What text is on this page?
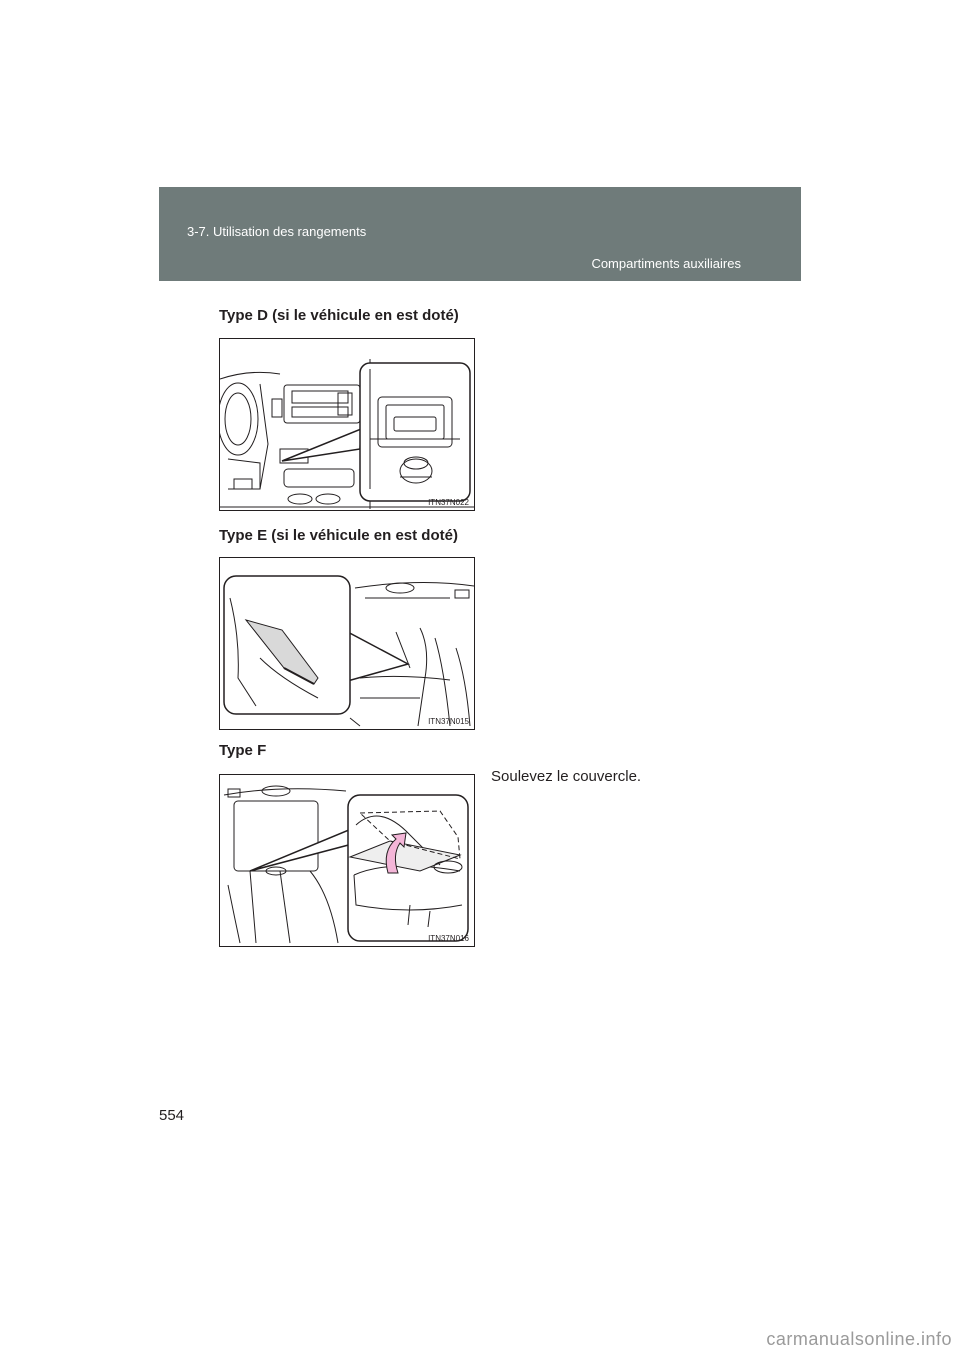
3-7. Utilisation des rangements
Compartiments auxiliaires
Type D (si le véhicule en est doté)
ITN37N022
Type E (si le véhicule en est doté)
ITN37N015
Type F
ITN37N016
Soulevez le couvercle.
554
carmanualsonline.info
